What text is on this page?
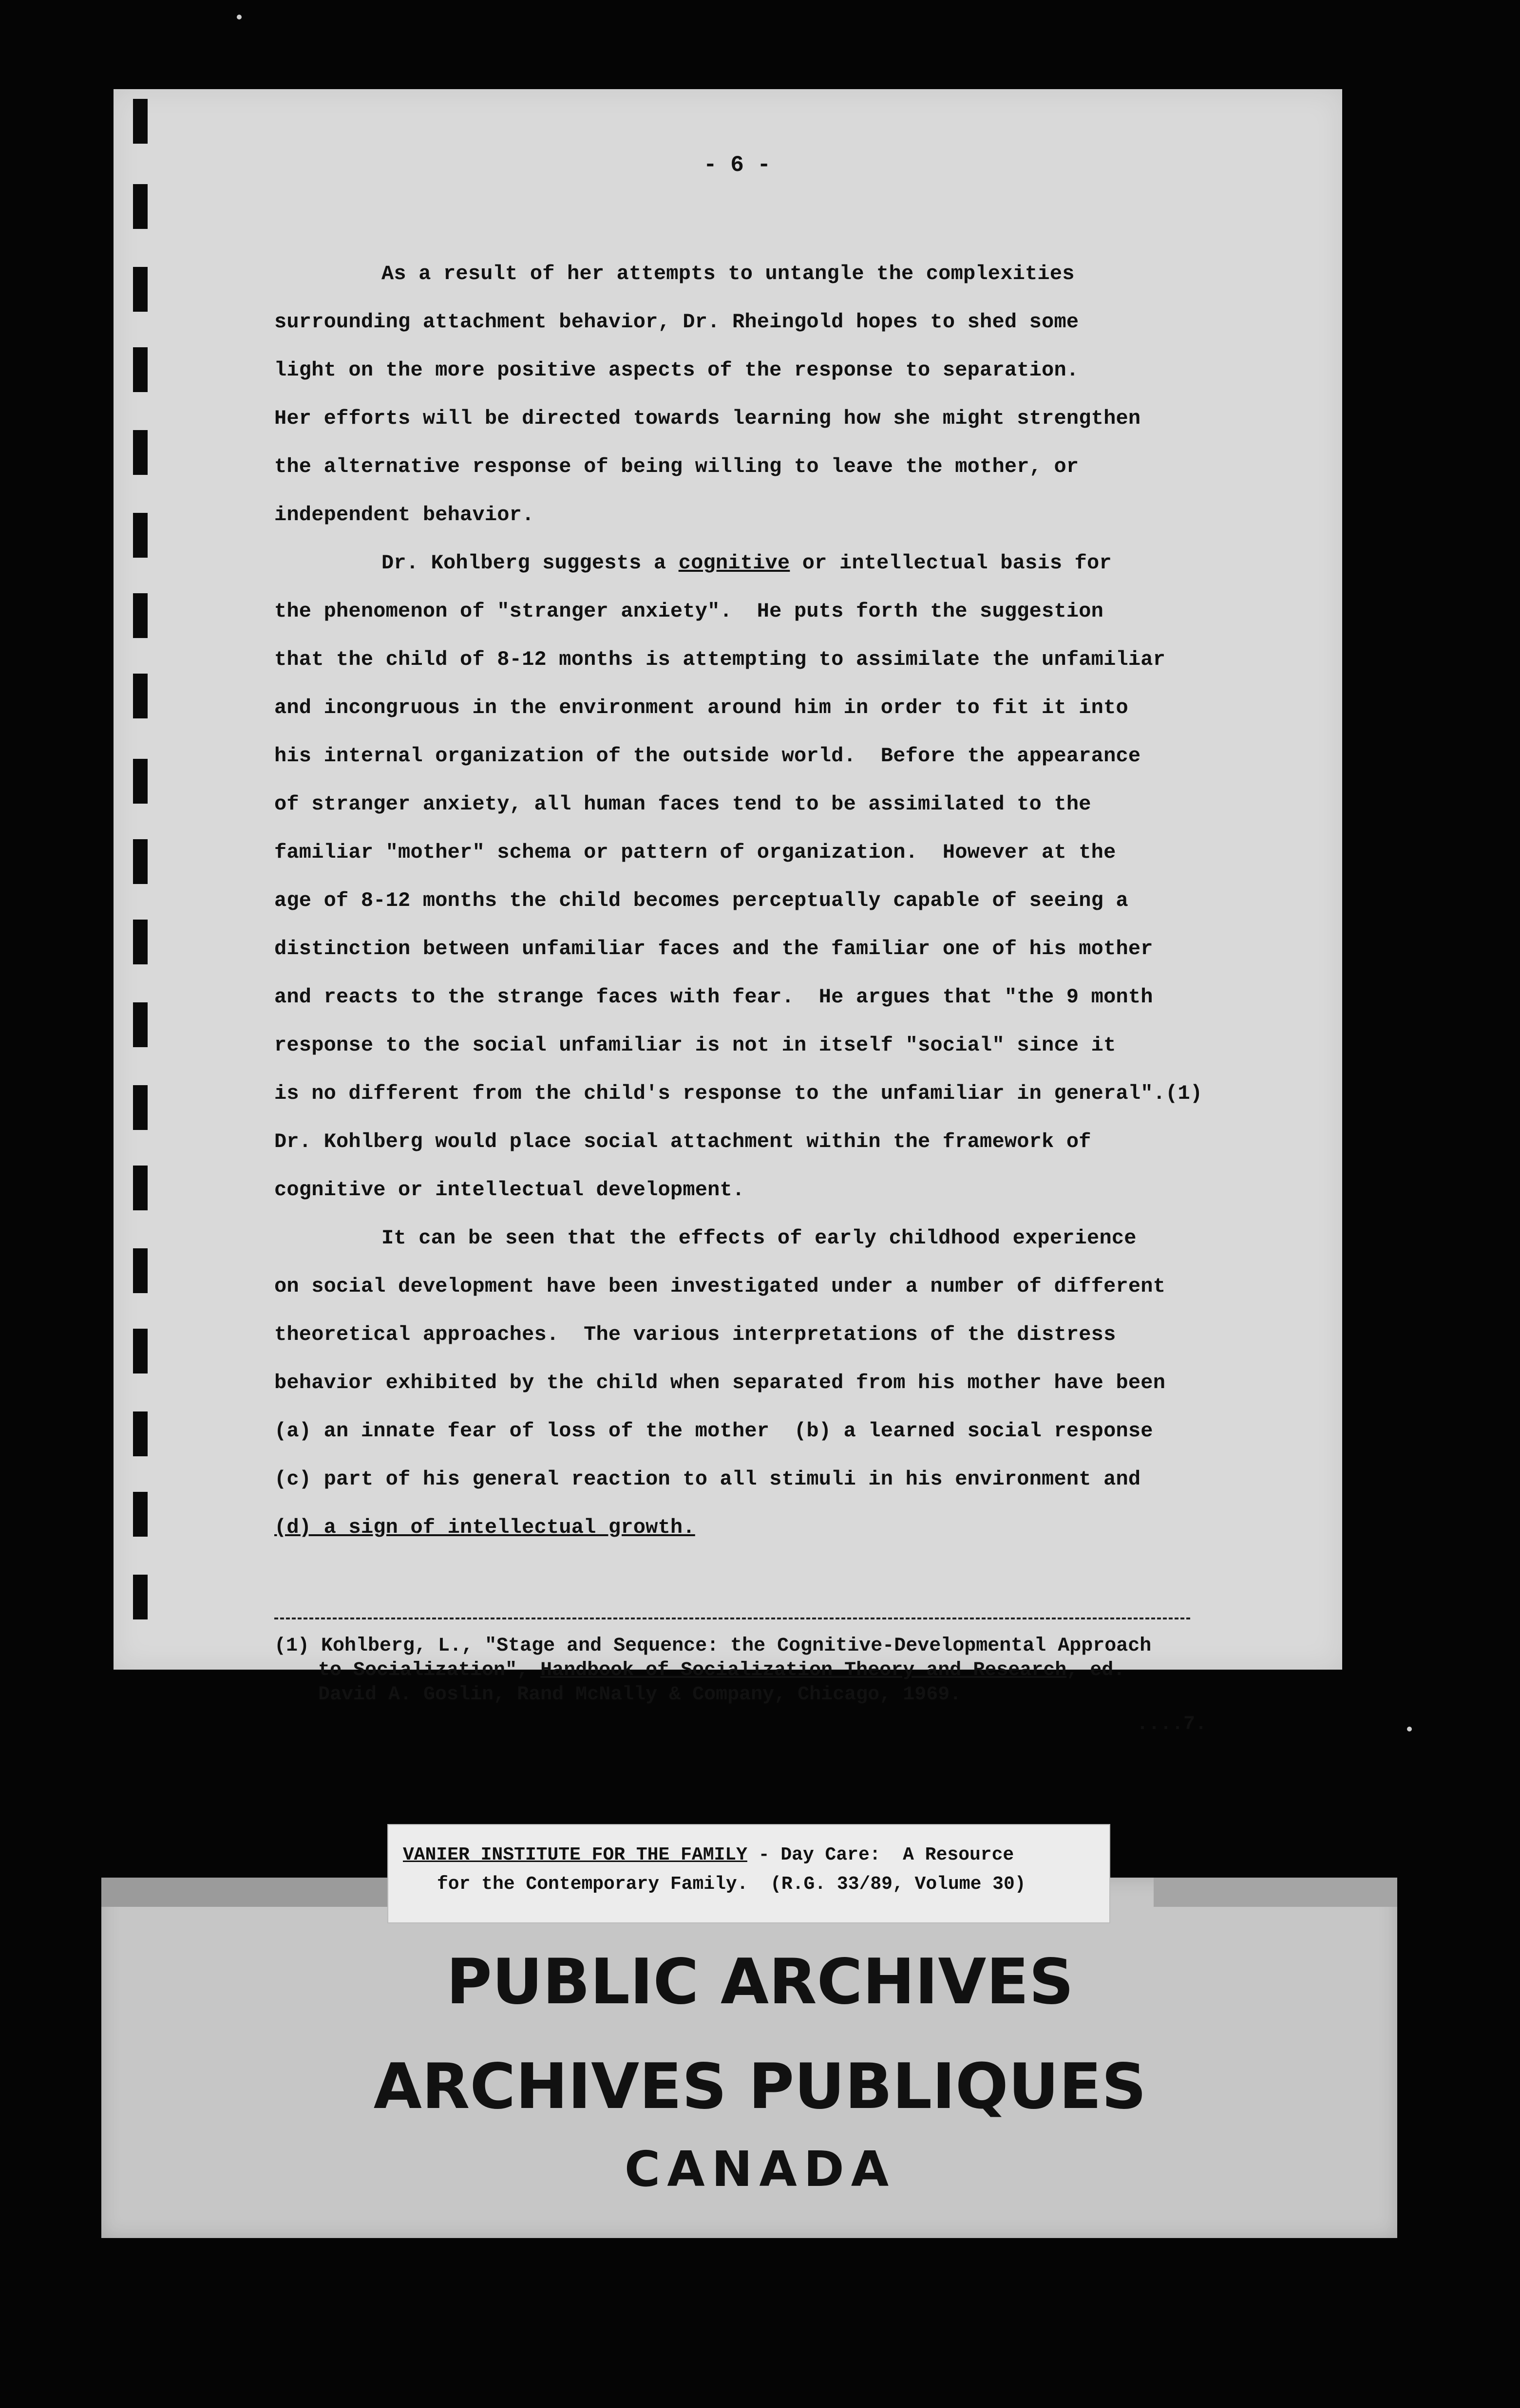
- 6 -
As a result of her attempts to untangle the complexities
surrounding attachment behavior, Dr. Rheingold hopes to shed some
light on the more positive aspects of the response to separation.
Her efforts will be directed towards learning how she might strengthen
the alternative response of being willing to leave the mother, or
independent behavior.
Dr. Kohlberg suggests a cognitive or intellectual basis for
the phenomenon of "stranger anxiety".  He puts forth the suggestion
that the child of 8-12 months is attempting to assimilate the unfamiliar
and incongruous in the environment around him in order to fit it into
his internal organization of the outside world.  Before the appearance
of stranger anxiety, all human faces tend to be assimilated to the
familiar "mother" schema or pattern of organization.  However at the
age of 8-12 months the child becomes perceptually capable of seeing a
distinction between unfamiliar faces and the familiar one of his mother
and reacts to the strange faces with fear.  He argues that "the 9 month
response to the social unfamiliar is not in itself "social" since it
is no different from the child's response to the unfamiliar in general".(1)
Dr. Kohlberg would place social attachment within the framework of
cognitive or intellectual development.
It can be seen that the effects of early childhood experience
on social development have been investigated under a number of different
theoretical approaches.  The various interpretations of the distress
behavior exhibited by the child when separated from his mother have been
(a) an innate fear of loss of the mother  (b) a learned social response
(c) part of his general reaction to all stimuli in his environment and
(d) a sign of intellectual growth.
(1) Kohlberg, L., "Stage and Sequence: the Cognitive-Developmental Approach
to Socialization", Handbook of Socialization Theory and Research, ed.
David A. Goslin, Rand McNally & Company, Chicago, 1969.
....7.
VANIER INSTITUTE FOR THE FAMILY - Day Care:  A Resource
for the Contemporary Family.  (R.G. 33/89, Volume 30)
PUBLIC ARCHIVES
ARCHIVES PUBLIQUES
CANADA
